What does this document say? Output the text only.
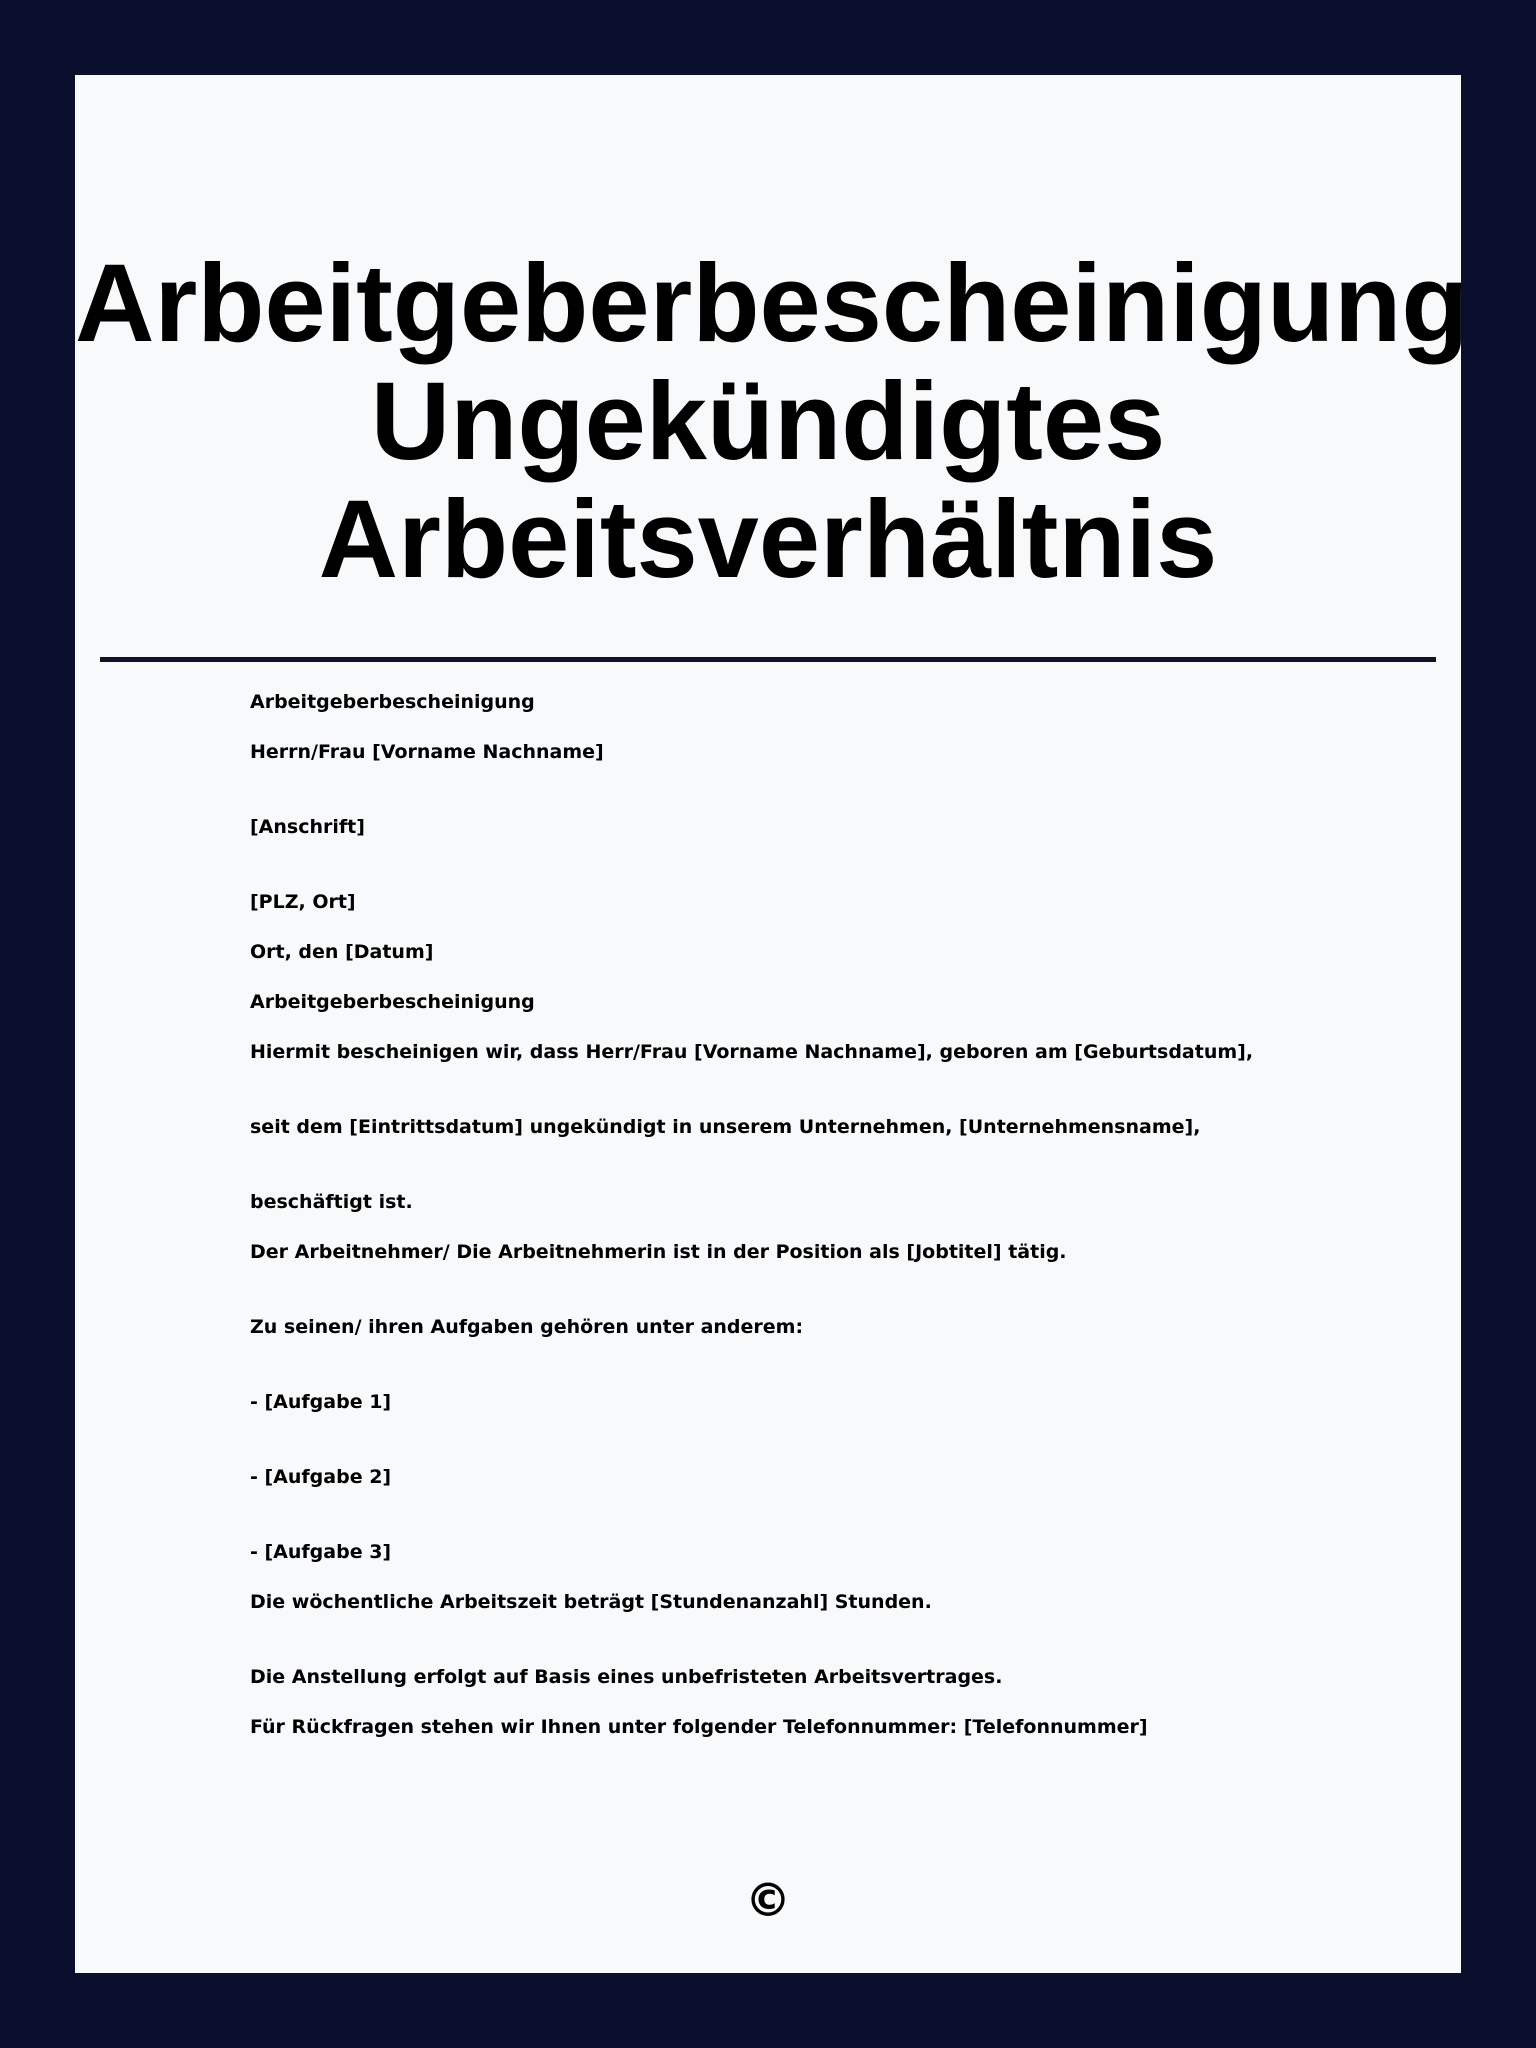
Arbeitgeberbescheinigung Ungekündigtes Arbeitsverhältnis
Arbeitgeberbescheinigung
Herrn/Frau [Vorname Nachname]
[Anschrift]
[PLZ, Ort]
Ort, den [Datum]
Arbeitgeberbescheinigung
Hiermit bescheinigen wir, dass Herr/Frau [Vorname Nachname], geboren am [Geburtsdatum],
seit dem [Eintrittsdatum] ungekündigt in unserem Unternehmen, [Unternehmensname],
beschäftigt ist.
Der Arbeitnehmer/ Die Arbeitnehmerin ist in der Position als [Jobtitel] tätig.
Zu seinen/ ihren Aufgaben gehören unter anderem:
- [Aufgabe 1]
- [Aufgabe 2]
- [Aufgabe 3]
Die wöchentliche Arbeitszeit beträgt [Stundenanzahl] Stunden.
Die Anstellung erfolgt auf Basis eines unbefristeten Arbeitsvertrages.
Für Rückfragen stehen wir Ihnen unter folgender Telefonnummer: [Telefonnummer]
©
